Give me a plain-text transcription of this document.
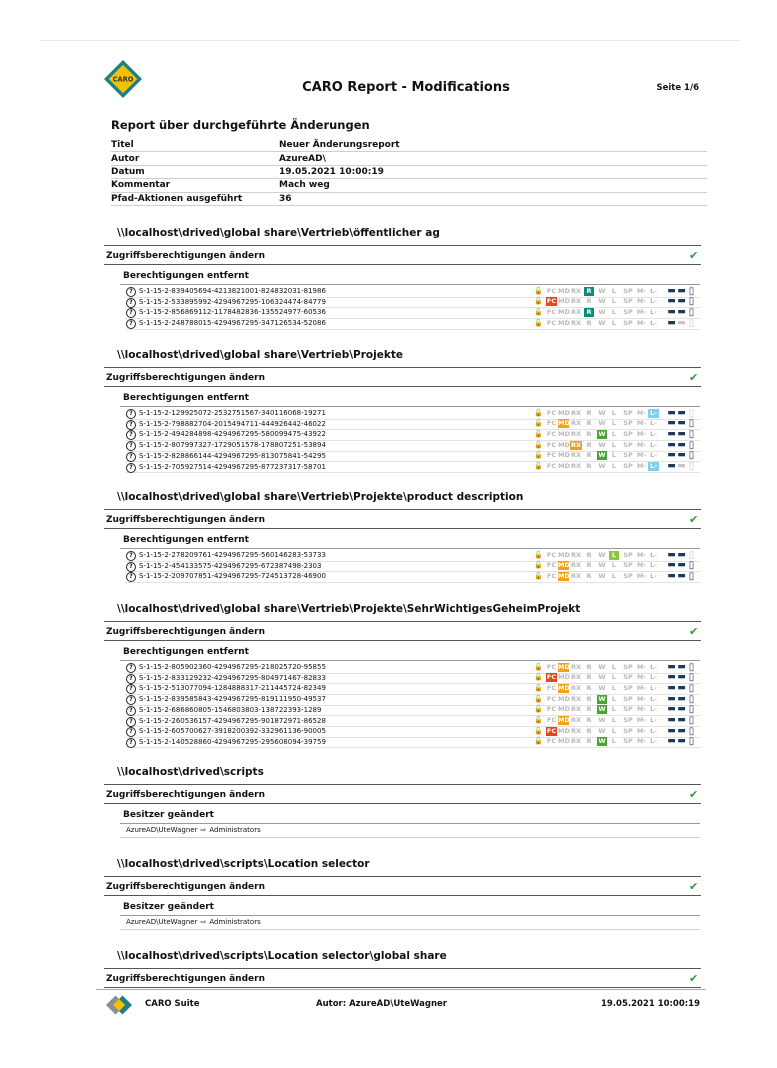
CARO
CARO Report - Modifications	Seite 1/6
Report über durchgeführte Änderungen
Titel	Neuer Änderungsreport
Autor	AzureAD\
Datum	19.05.2021 10:00:19
Kommentar	Mach weg
Pfad-Aktionen ausgeführt	36
\\localhost\drived\global share\Vertrieb\öffentlicher ag
Zugriffsberechtigungen ändern	✔
Berechtigungen entfernt
? S-1-15-2-839405694-4213821001-824832031-81986	🔓 FC MD RX R	W L	SP M- L- ▬ ▬ ▯
? S-1-15-2-533895992-4294967295-106324474-84779	🔓 FC MD RX R	W L	SP M- L- ▬ ▬ ▯
? S-1-15-2-856869112-1178482836-135524977-60536	🔓 FC MD RX R	W L	SP M- L- ▬ ▬ ▯
? S-1-15-2-248788015-4294967295-347126534-52086	🔓 FC MD RX R	W L	SP M- L- ▬ ▬ ▯
\\localhost\drived\global share\Vertrieb\Projekte
Zugriffsberechtigungen ändern	✔
Berechtigungen entfernt
? S-1-15-2-129925072-2532751567-340116068-19271	🔓 FC MD RX R	W L	SP M- L- ▬ ▬ ▯
? S-1-15-2-798882704-2015494711-444926442-46022	🔓 FC MD RX R	W L	SP M- L- ▬ ▬ ▯
? S-1-15-2-494284898-4294967295-580099475-43922	🔓 FC MD RX R	W L	SP M- L- ▬ ▬ ▯
? S-1-15-2-807997327-1729051578-178807251-53894	🔓 FC MD RX R	W L	SP M- L- ▬ ▬ ▯
? S-1-15-2-828866144-4294967295-813075841-54295	🔓 FC MD RX R	W L	SP M- L- ▬ ▬ ▯
? S-1-15-2-705927514-4294967295-877237317-58701	🔓 FC MD RX R	W L	SP M- L- ▬ ▬ ▯
\\localhost\drived\global share\Vertrieb\Projekte\product description
Zugriffsberechtigungen ändern	✔
Berechtigungen entfernt
? S-1-15-2-278209761-4294967295-560146283-53733	🔓 FC MD RX R	W L	SP M- L- ▬ ▬ ▯
? S-1-15-2-454133575-4294967295-672387498-2303	🔓 FC MD RX R	W L	SP M- L- ▬ ▬ ▯
? S-1-15-2-209707851-4294967295-724513728-46900	🔓 FC MD RX R	W L	SP M- L- ▬ ▬ ▯
\\localhost\drived\global share\Vertrieb\Projekte\SehrWichtigesGeheimProjekt
Zugriffsberechtigungen ändern	✔
Berechtigungen entfernt
? S-1-15-2-805902360-4294967295-218025720-95855	🔓 FC MD RX R	W L	SP M- L- ▬ ▬ ▯
? S-1-15-2-833129232-4294967295-804971467-82833	🔓 FC MD RX R	W L	SP M- L- ▬ ▬ ▯
? S-1-15-2-513077094-1284888317-211445724-82349	🔓 FC MD RX R	W L	SP M- L- ▬ ▬ ▯
? S-1-15-2-839585843-4294967295-819111950-49537	🔓 FC MD RX R	W L	SP M- L- ▬ ▬ ▯
? S-1-15-2-686860805-1546803803-138722393-1289	🔓 FC MD RX R	W L	SP M- L- ▬ ▬ ▯
? S-1-15-2-260536157-4294967295-901872971-86528	🔓 FC MD RX R	W L	SP M- L- ▬ ▬ ▯
? S-1-15-2-605700627-3918200392-332961136-90005	🔓 FC MD RX R	W L	SP M- L- ▬ ▬ ▯
? S-1-15-2-140528860-4294967295-295608094-39759	🔓 FC MD RX R	W L	SP M- L- ▬ ▬ ▯
\\localhost\drived\scripts
Zugriffsberechtigungen ändern	✔
Besitzer geändert
AzureAD\UteWagner ⇨ Administrators
\\localhost\drived\scripts\Location selector
Zugriffsberechtigungen ändern	✔
Besitzer geändert
AzureAD\UteWagner ⇨ Administrators
\\localhost\drived\scripts\Location selector\global share
Zugriffsberechtigungen ändern	✔
CARO Suite	Autor: AzureAD\UteWagner	19.05.2021 10:00:19
